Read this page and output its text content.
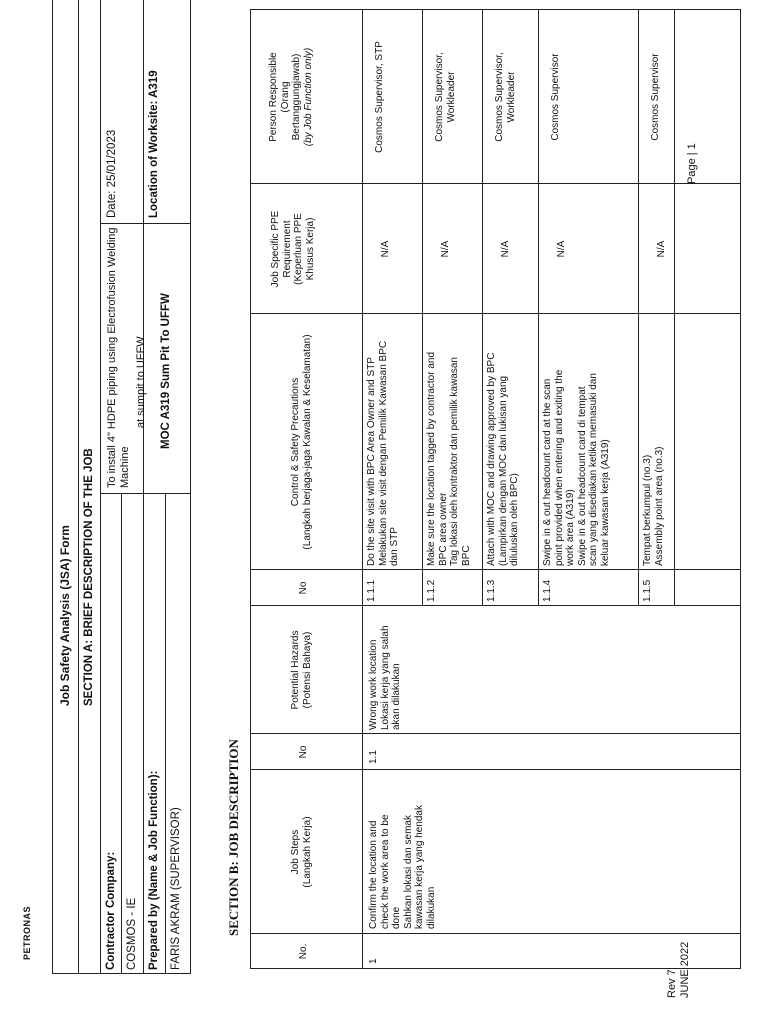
PETRONAS
Job Safety Analysis (JSA) Form SECTION A: BRIEF DESCRIPTION OF THE JOB
Contractor Company: COSMOS - IE Prepared by (Name & Job Function): FARIS AKRAM (SUPERVISOR)
To install 4" HDPE piping using Electrofusion Welding Machine
at sumpit to UFFW MOC A319 Sum Pit To UFFW
Date: 25/01/2023	Location of Worksite: A319
SECTION B: JOB DESCRIPTION
No.
Job Steps (Langkah Kerja)
No
Potential Hazards (Potensi Bahaya)
No
Control & Safety Precautions (Langkah berjaga-jaga Kawalan & Keselamatan)
Job Specific PPE Requirement (Keperluan PPE Khusus Kerja)
Person Responsible (Orang Bertanggungjawab) (by Job Function only)
1
Confirm the location and check the work area to be done Sahkan lokasi dan semak kawasan kerja yang hendak dilakukan
1.1
Wrong work location Lokasi kerja yang salah akan dilakukan
1.1.1
Do the site visit with BPC Area Owner and STP Melakukan site visit dengan Pemilik Kawasan BPC dan STP
N/A
Cosmos Supervisor, STP
1.1.2
Make sure the location tagged by contractor and BPC area owner Tag lokasi oleh kontraktor dan pemilik kawasan BPC
N/A
Cosmos Supervisor, Workleader
1.1.3
Attach with MOC and drawing approved by BPC (Lampirkan dengan MOC dan lukisan yang diluluskan oleh BPC)
N/A
Cosmos Supervisor, Workleader
1.1.4
Swipe in & out headcount card at the scan point provided when entering and exiting the work area (A319) Swipe in & out headcount card di tempat scan yang disediakan ketika memasuki dan keluar kawasan kerja (A319)
N/A
Cosmos Supervisor
1.1.5
Tempat berkumpul (no.3) Assembly point area (no.3)
N/A
Cosmos Supervisor
Rev 7 JUNE 2022
Page | 1
